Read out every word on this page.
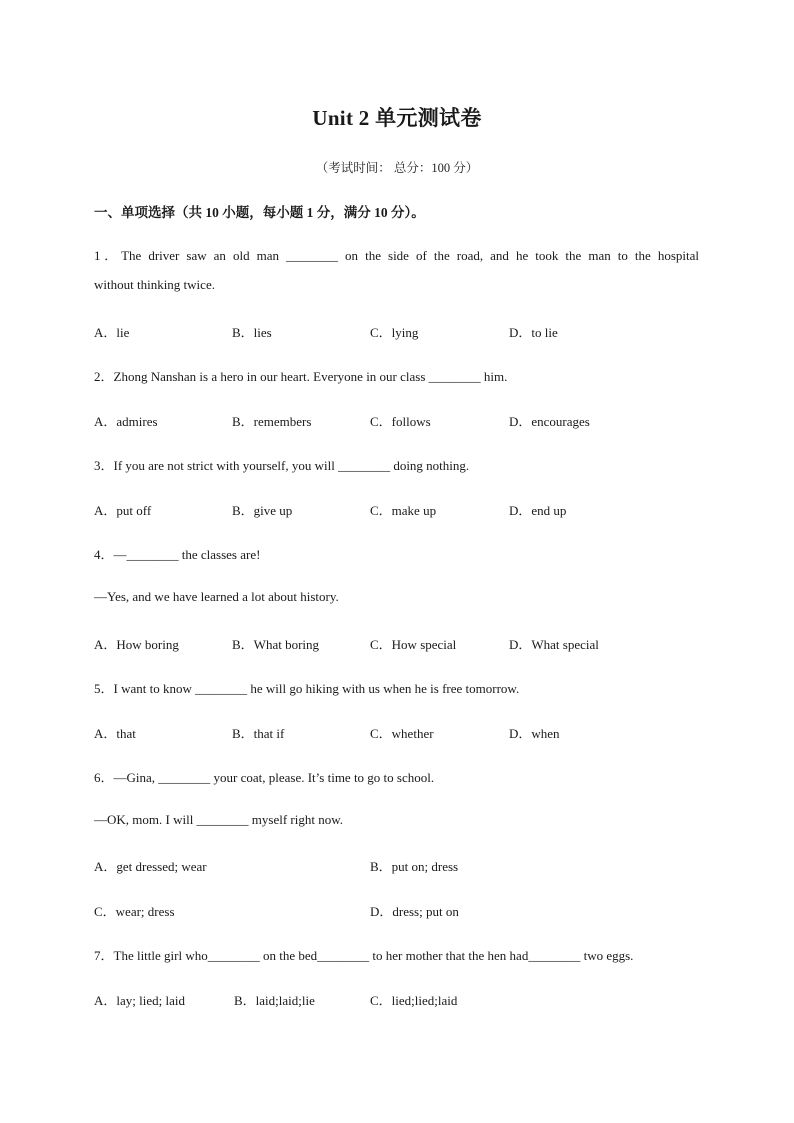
Unit 2 单元测试卷
（考试时间： 总分：100 分）
一、单项选择（共 10 小题，每小题 1 分，满分 10 分）。
1．The driver saw an old man ________ on the side of the road, and he took the man to the hospital
without thinking twice.
A．lie	B．lies	C．lying	D．to lie
2．Zhong Nanshan is a hero in our heart. Everyone in our class ________ him.
A．admires	B．remembers	C．follows	D．encourages
3．If you are not strict with yourself, you will ________ doing nothing.
A．put off	B．give up	C．make up	D．end up
4．—________ the classes are!
—Yes, and we have learned a lot about history.
A．How boring	B．What boring	C．How special	D．What special
5．I want to know ________ he will go hiking with us when he is free tomorrow.
A．that	B．that if	C．whether	D．when
6．—Gina, ________ your coat, please. It’s time to go to school.
—OK, mom. I will ________ myself right now.
A．get dressed; wear	B．put on; dress
C．wear; dress	D．dress; put on
7．The little girl who________ on the bed________ to her mother that the hen had________ two eggs.
A．lay; lied; laid	B．laid;laid;lie	C．lied;lied;laid
